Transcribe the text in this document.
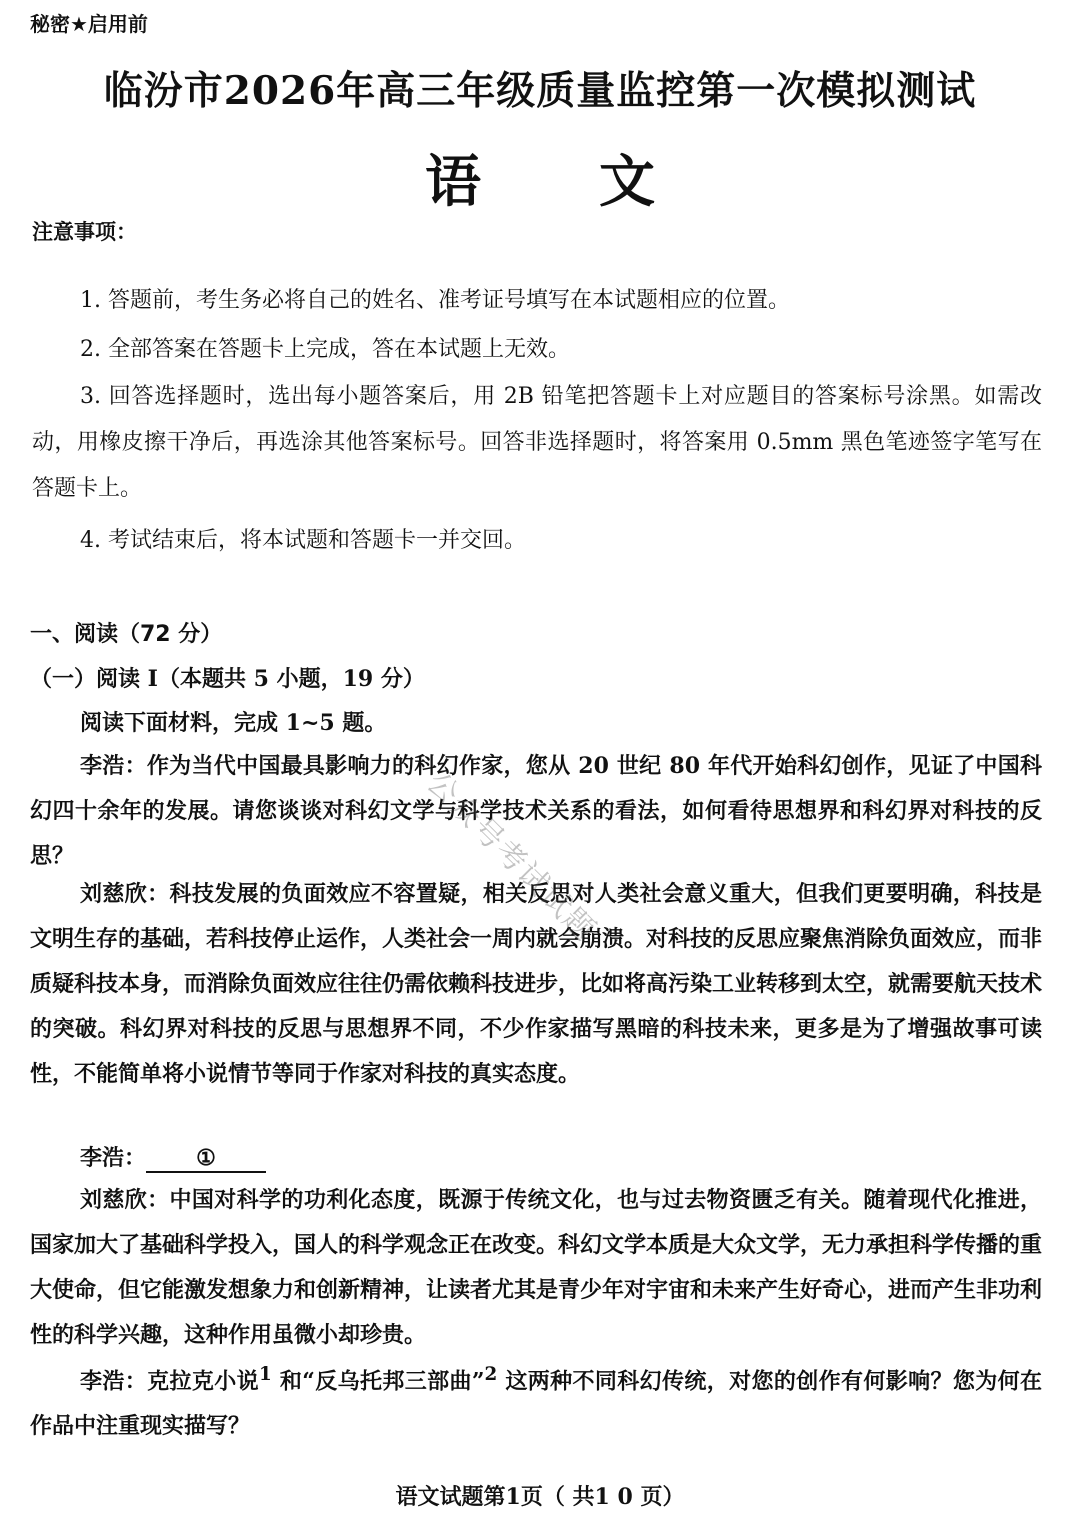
秘密★启用前
临汾市2026年高三年级质量监控第一次模拟测试
语 文
注意事项：

1. 答题前，考生务必将自己的姓名、准考证号填写在本试题相应的位置。

2. 全部答案在答题卡上完成，答在本试题上无效。

3. 回答选择题时，选出每小题答案后，用 2B 铅笔把答题卡上对应题目的答案标号涂黑。如需改动，用橡皮擦干净后，再选涂其他答案标号。回答非选择题时，将答案用 0.5mm 黑色笔迹签字笔写在答题卡上。

4. 考试结束后，将本试题和答题卡一并交回。

一、阅读（72 分）
（一）阅读 I（本题共 5 小题，19 分）
阅读下面材料，完成 1~5 题。

李浩：作为当代中国最具影响力的科幻作家，您从 20 世纪 80 年代开始科幻创作，见证了中国科幻四十余年的发展。请您谈谈对科幻文学与科学技术关系的看法，如何看待思想界和科幻界对科技的反思？

刘慈欣：科技发展的负面效应不容置疑，相关反思对人类社会意义重大，但我们更要明确，科技是文明生存的基础，若科技停止运作，人类社会一周内就会崩溃。对科技的反思应聚焦消除负面效应，而非质疑科技本身，而消除负面效应往往仍需依赖科技进步，比如将高污染工业转移到太空，就需要航天技术的突破。科幻界对科技的反思与思想界不同，不少作家描写黑暗的科技未来，更多是为了增强故事可读性，不能简单将小说情节等同于作家对科技的真实态度。

李浩： ①

刘慈欣：中国对科学的功利化态度，既源于传统文化，也与过去物资匮乏有关。随着现代化推进，国家加大了基础科学投入，国人的科学观念正在改变。科幻文学本质是大众文学，无力承担科学传播的重大使命，但它能激发想象力和创新精神，让读者尤其是青少年对宇宙和未来产生好奇心，进而产生非功利性的科学兴趣，这种作用虽微小却珍贵。

李浩：克拉克小说$^1$ 和“反乌托邦三部曲”$^2$ 这两种不同科幻传统，对您的创作有何影响？您为何在作品中注重现实描写？

公众号考试试题
语文试题第1页（ 共1 0 页）
